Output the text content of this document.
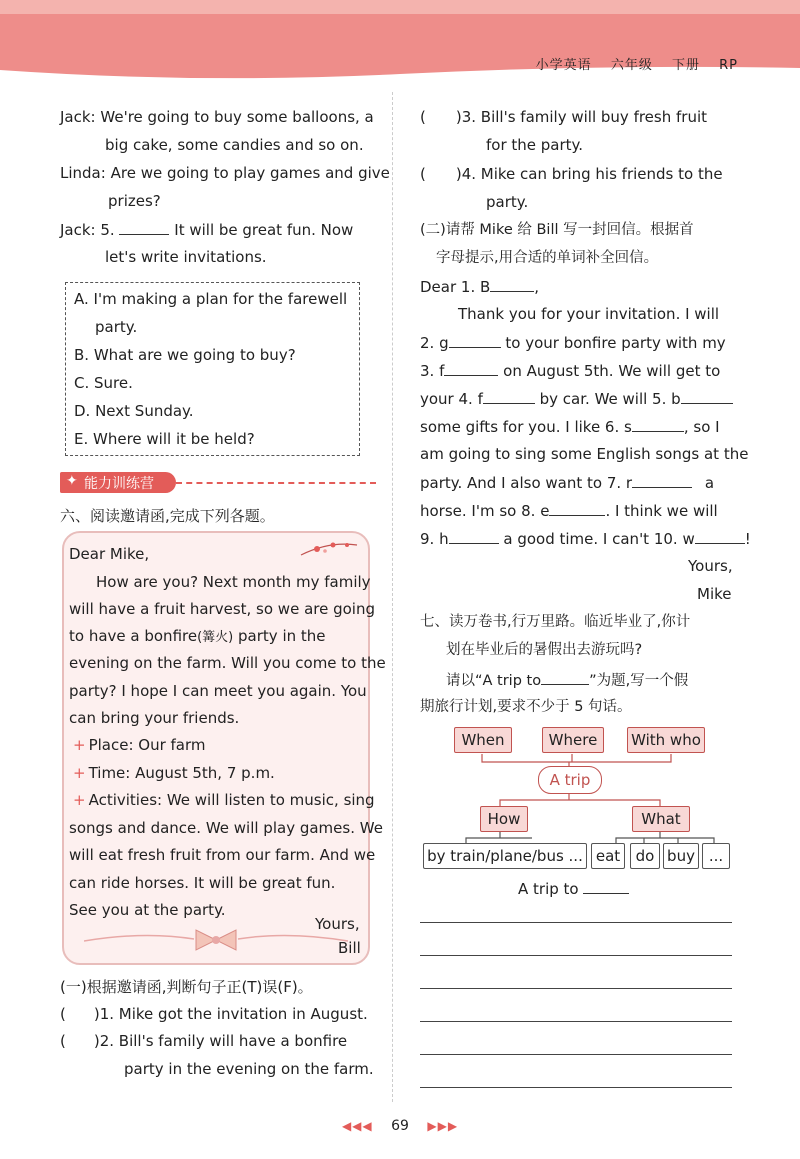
小学英语 六年级 下册 RP
Jack: We're going to buy some balloons, a
big cake, some candies and so on.
Linda: Are we going to play games and give
prizes?
Jack: 5.	It will be great fun. Now
let's write invitations.
A. I'm making a plan for the farewell
party.
B. What are we going to buy?
C. Sure.
D. Next Sunday.
E. Where will it be held?
✦ 能力训练营
六、阅读邀请函,完成下列各题。
Dear Mike,
How are you? Next month my family
will have a fruit harvest, so we are going
to have a bonfire(篝火) party in the
evening on the farm. Will you come to the
party? I hope I can meet you again. You
can bring your friends.
+ Place: Our farm
+ Time: August 5th, 7 p.m.
+ Activities: We will listen to music, sing
songs and dance. We will play games. We
will eat fresh fruit from our farm. And we
can ride horses. It will be great fun.
See you at the party.
Yours,
Bill
(一)根据邀请函,判断句子正(T)误(F)。
( )1. Mike got the invitation in August.
( )2. Bill's family will have a bonfire
party in the evening on the farm.
( )3. Bill's family will buy fresh fruit
for the party.
( )4. Mike can bring his friends to the
party.
(二)请帮 Mike 给 Bill 写一封回信。根据首
字母提示,用合适的单词补全回信。
Dear 1. B	,
Thank you for your invitation. I will
2. g	to your bonfire party with my
3. f	on August 5th. We will get to
your 4. f	by car. We will 5. b
some gifts for you. I like 6. s	, so I
am going to sing some English songs at the
party. And I also want to 7. r	a
horse. I'm so 8. e	. I think we will
9. h	a good time. I can't 10. w	!
Yours,
Mike
七、读万卷书,行万里路。临近毕业了,你计
划在毕业后的暑假出去游玩吗?
请以“A trip to	”为题,写一个假
期旅行计划,要求不少于 5 句话。
When	Where	With who
A trip
How	What
by train/plane/bus ... eat	do buy ...
A trip to
◀◀◀ 69 ▶▶▶
